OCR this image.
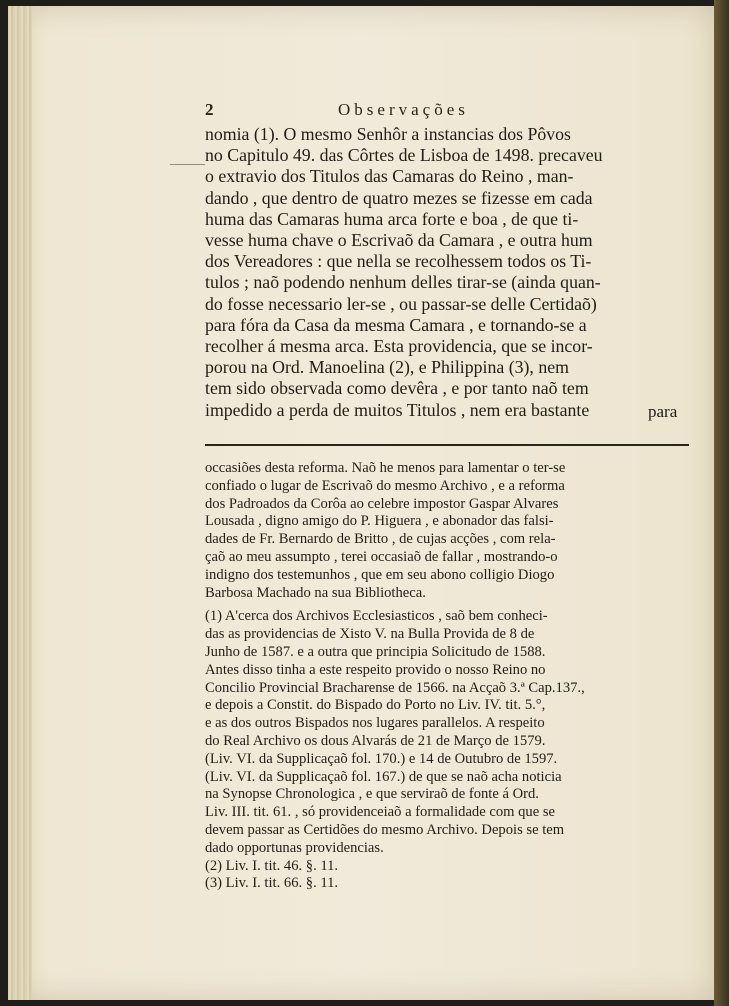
2	Observações
nomia (1). O mesmo Senhôr a instancias dos Pôvos
no Capitulo 49. das Côrtes de Lisboa de 1498. precaveu
o extravio dos Titulos das Camaras do Reino , man-
dando , que dentro de quatro mezes se fizesse em cada
huma das Camaras huma arca forte e boa , de que ti-
vesse huma chave o Escrivaõ da Camara , e outra hum
dos Vereadores : que nella se recolhessem todos os Ti-
tulos ; naõ podendo nenhum delles tirar-se (ainda quan-
do fosse necessario ler-se , ou passar-se delle Certidaõ)
para fóra da Casa da mesma Camara , e tornando-se a
recolher á mesma arca. Esta providencia, que se incor-
porou na Ord. Manoelina (2), e Philippina (3), nem
tem sido observada como devêra , e por tanto naõ tem
impedido a perda de muitos Titulos , nem era bastante	para
occasiões desta reforma. Naõ he menos para lamentar o ter-se
confiado o lugar de Escrivaõ do mesmo Archivo , e a reforma
dos Padroados da Corôa ao celebre impostor Gaspar Alvares
Lousada , digno amigo do P. Higuera , e abonador das falsi-
dades de Fr. Bernardo de Britto , de cujas acções , com rela-
çaõ ao meu assumpto , terei occasiaõ de fallar , mostrando-o
indigno dos testemunhos , que em seu abono colligio Diogo
Barbosa Machado na sua Bibliotheca.
(1) A'cerca dos Archivos Ecclesiasticos , saõ bem conheci-
das as providencias de Xisto V. na Bulla Provida de 8 de
Junho de 1587. e a outra que principia Solicitudo de 1588.
Antes disso tinha a este respeito provido o nosso Reino no
Concilio Provincial Bracharense de 1566. na Acçaõ 3.ª Cap.137.,
e depois a Constit. do Bispado do Porto no Liv. IV. tit. 5.°,
e as dos outros Bispados nos lugares parallelos. A respeito
do Real Archivo os dous Alvarás de 21 de Março de 1579.
(Liv. VI. da Supplicaçaõ fol. 170.) e 14 de Outubro de 1597.
(Liv. VI. da Supplicaçaõ fol. 167.) de que se naõ acha noticia
na Synopse Chronologica , e que serviraõ de fonte á Ord.
Liv. III. tit. 61. , só providenceiaõ a formalidade com que se
devem passar as Certidões do mesmo Archivo. Depois se tem
dado opportunas providencias.
(2) Liv. I. tit. 46. §. 11.
(3) Liv. I. tit. 66. §. 11.
